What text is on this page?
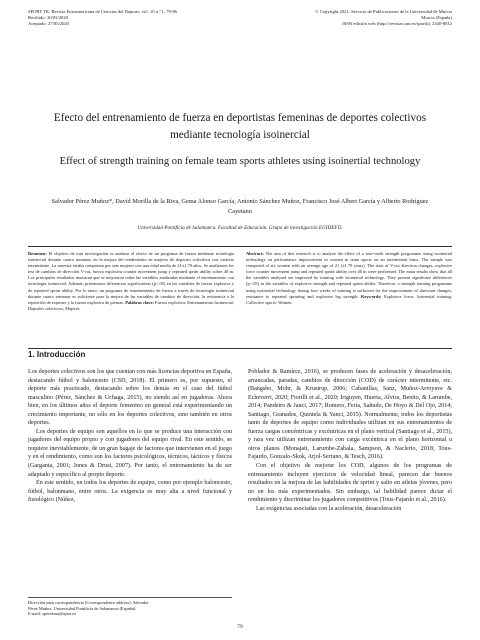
SPORT TK: Revista Euroamericana de Ciencias del Deporte, vol. 10 n.º 1, 79-86
Recibido: 30/03/2020
Aceptado: 27/05/2020
© Copyright 2021: Servicio de Publicaciones de la Universidad de Murcia
Murcia (España)
ISSN edición web (http://revistas.um.es/sportk): 2340-8812
Efecto del entrenamiento de fuerza en deportistas femeninas de deportes colectivos mediante tecnología isoinercial
Effect of strength training on female team sports athletes using isoinertial technology
Salvador Pérez Muñoz*, David Morilla de la Riva, Gema Alonso García, Antonio Sánchez Muñoz, Francisco José Albert García y Alberto Rodríguez Cayetano
Universidad Pontificia de Salamanca. Facultad de Educación. Grupo de investigación EGIDEFD.
Resumen: El objetivo de esta investigación es analizar el efecto de un programa de fuerza mediante tecnología isoinercial durante cuatro semanas, en la mejora del rendimiento en mujeres de deportes colectivos con carácter intermitente. La muestra estaba compuesta por seis mujeres con una edad media de 21±1.79 años. Se analizaron los test de cambios de dirección V-cut, fuerza explosiva counter movement jump y repeated sprint ability sobre 40 m. Los principales resultados muestran que se mejoraron todas las variables analizadas mediante el entrenamiento con tecnología isoinercial. Además, presentaron diferencias significativas (p<.05) en las variables de fuerza explosiva y de repeated sprint ability. Por lo tanto, un programa de entrenamiento de fuerza a través de tecnología isoinercial durante cuatro semanas es suficiente para la mejora de las variables de cambios de dirección, la resistencia a la repetición de esprines y la fuerza explosiva de piernas. Palabras clave: Fuerza explosiva; Entrenamiento Isoinercial; Deportes colectivos; Mujeres.
Abstract: The aim of this research is to analyze the effect of a four-week strength programme using isoinertial technology on performance improvement in women in team sports on an intermittent basis. The sample was composed of six women with an average age of 21 (±1.79 years). The tests of V-cut direction changes, explosive force counter movement jump and repeated sprint ability over 40 m were performed. The main results show that all the variables analysed are improved by training with isoinertial technology. They present significant differences (p<.05) in the variables of explosive strength and repeated sprint ability. Therefore, a strength training programme using isoinertial technology during four weeks of training is sufficient for the improvement of direction changes, resistance to repeated sprinting and explosive leg strength. Keywords: Explosive force; Isoinertial training; Collective sports; Women.
1. Introducción

Los deportes colectivos son los que cuentan con más licencias deportiva en España, destacando fútbol y baloncesto (CSD, 2018). El primero es, por supuesto, el deporte más practicado, destacando sobre los demás en el caso del fútbol masculino (Pérez, Sánchez & Uchaga, 2015), no siendo así en jugadoras. Ahora bien, en los últimos años el deporte femenino en general está experimentando un crecimiento importante, no sólo en los deportes colectivos, sino también en otros deportes.

Los deportes de equipo son aquellos en lo que se produce una interacción con jugadores del equipo propio y con jugadores del equipo rival. En este sentido, se requiere inevitablemente, de un gran bagaje de factores que intervienen en el juego y en el rendimiento, como son los factores psicológicos, técnicos, tácticos y físicos (Garganta, 2001; Jones & Drust, 2007). Por tanto, el entrenamiento ha de ser adaptado y específico al propio deporte.

En este sentido, en todos los deportes de equipo, como por ejemplo baloncesto, fútbol, balonmano, entre otros. La exigencia es muy alta a nivel funcional y fisiológico (Núñez,

Poblador & Ramírez, 2016), se producen fases de aceleración y desaceleración, arrancadas, paradas, cambios de dirección (COD) de carácter intermitente, etc. (Bangsbo, Mohr, & Krustrup, 2006; Cabanillas, Sanz, Muñoz-Arroyave & Echeverri, 2020; Fiorilli et al., 2020; Iriguyen, Huerta, Alvira, Benito, & Larumbe, 2014; Pandeiro & Janci, 2017; Romero, Feria, Sañudo, De Hoyo & Del Ojo, 2014; Santiago, Granados, Quintela & Yanci, 2015). Normalmente, todos los deportistas tanto de deportes de equipo como individuales utilizan en sus entrenamientos de fuerza cargas concéntricas y excéntricas en el plano vertical (Santiago et al., 2015), y rara vez utilizan entrenamiento con carga excéntrica en el plano horizontal u otros planos (Monajati, Larumbe-Zabala, Sampson, & Naclerio, 2018; Tous-Fajardo, Gonzalo-Skok, Arjol-Serrano, & Tesch, 2016).

Con el objetivo de mejorar los COD, algunos de los programas de entrenamiento incluyen ejercicios de velocidad lineal, parecen dar buenos resultados en la mejora de las habilidades de sprint y salto en atletas jóvenes, pero no en los más experimentados. Sin embargo, tal habilidad parece dictar el rendimiento y discriminar los jugadores competitivos (Tous-Fajardo et al., 2016).

Las exigencias asociadas con la aceleración, desaceleración

Dirección para correspondencia [Correspondence address]: Salvador
Pérez Muñoz. Universidad Pontificia de Salamanca (España).
E-mail: sperezmu@upsa.es
79
